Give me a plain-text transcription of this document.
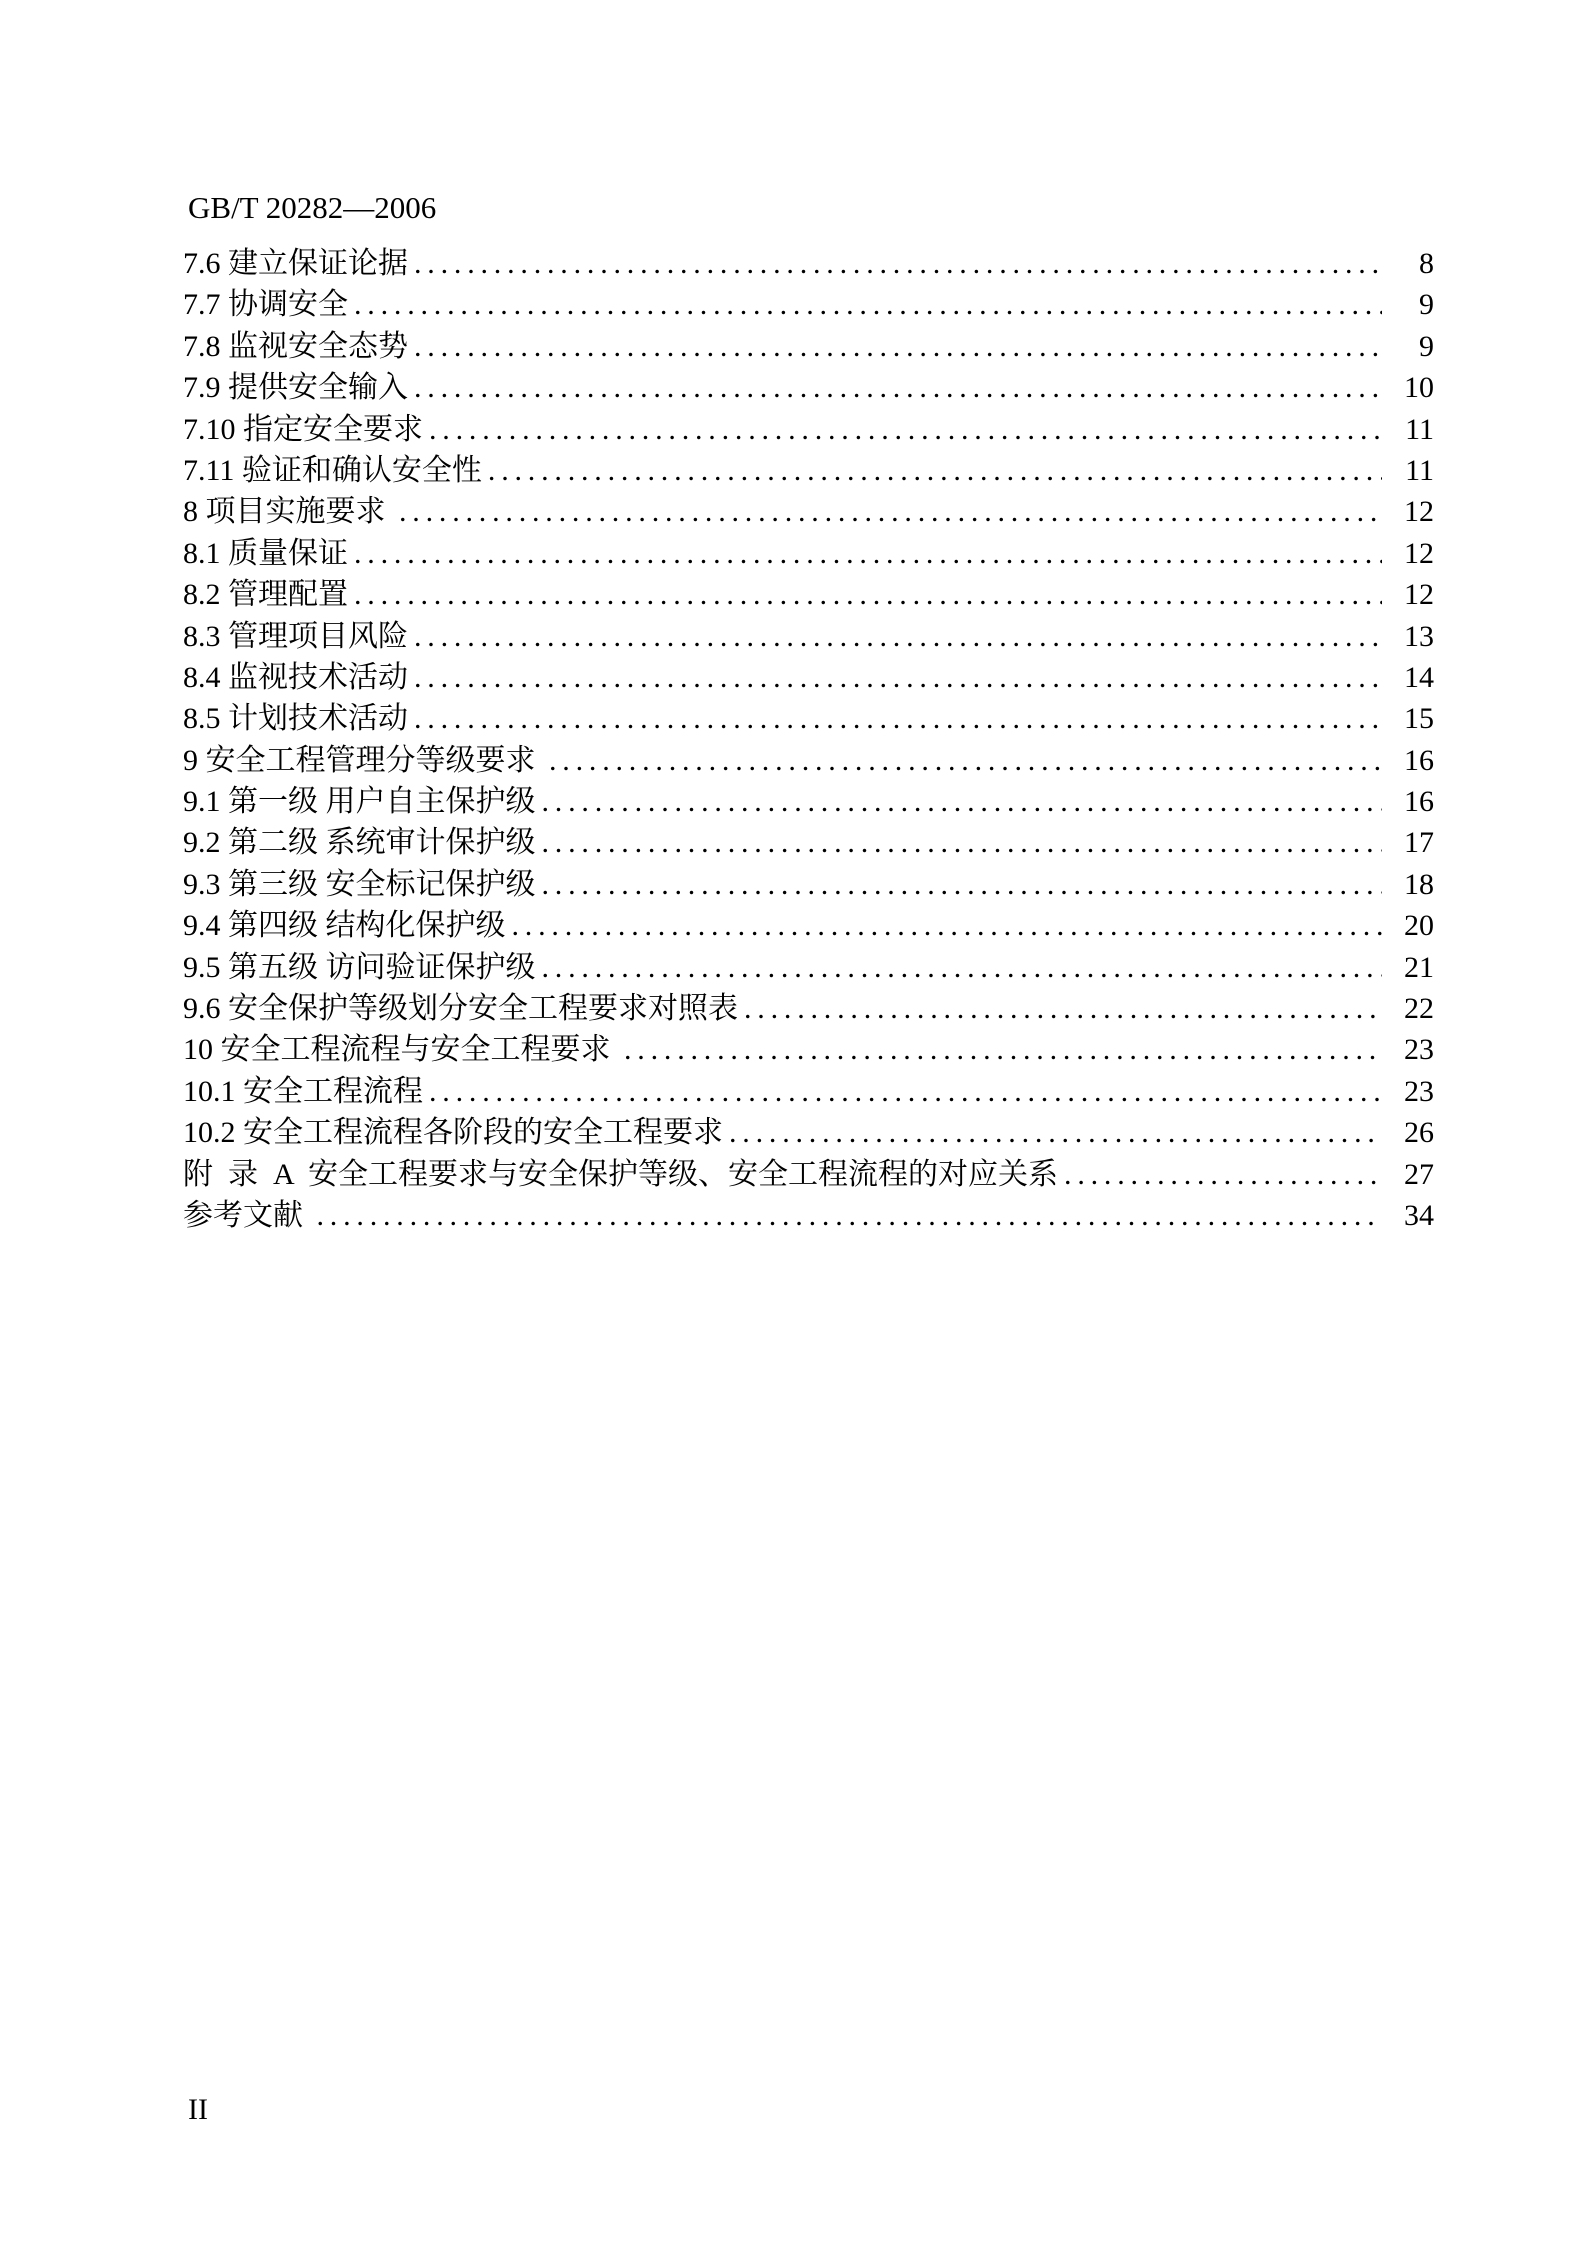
GB/T 20282—2006
7.6 建立保证论据 .....	8
7.7 协调安全 .....	9
7.8 监视安全态势 .....	9
7.9 提供安全输入 .....	10
7.10 指定安全要求 .....	11
7.11 验证和确认安全性 .....	11
8 项目实施要求 .....	12
8.1 质量保证 .....	12
8.2 管理配置 .....	12
8.3 管理项目风险 .....	13
8.4 监视技术活动 .....	14
8.5 计划技术活动 .....	15
9 安全工程管理分等级要求 .....	16
9.1 第一级 用户自主保护级 .....	16
9.2 第二级 系统审计保护级 .....	17
9.3 第三级 安全标记保护级 .....	18
9.4 第四级 结构化保护级 .....	20
9.5 第五级 访问验证保护级 .....	21
9.6 安全保护等级划分安全工程要求对照表 .....	22
10 安全工程流程与安全工程要求 .....	23
10.1 安全工程流程 .....	23
10.2 安全工程流程各阶段的安全工程要求 .....	26
附  录  A  安全工程要求与安全保护等级、安全工程流程的对应关系 .....	27
参考文献 .....	34
II
